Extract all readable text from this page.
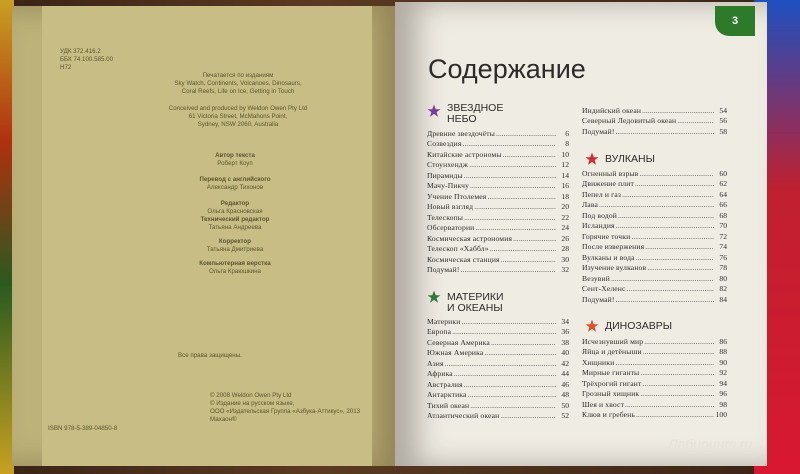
УДК 372.416.2
ББК 74.100.585.00
Н72
Печатается по изданиям
Sky Watch, Continents, Volcanoes, Dinosaurs,
Coral Reefs, Life on Ice, Getting in Touch
Conceived and produced by Weldon Owen Pty Ltd
61 Victoria Street, McMahons Point,
Sydney, NSW 2060, Australia
Автор текста
Роберт Коуп
Перевод с английского
Александр Тихонов
Редактор
Ольга Красновская
Технический редактор
Татьяна Андреева
Корректор
Татьяна Дмитриева
Компьютерная верстка
Ольга Краюшкина
Все права защищены.
© 2008 Weldon Owen Pty Ltd
© Издание на русском языке,
ООО «Издательская Группа «Азбука-Аттикус», 2013
Махаон®
ISBN 978-5-389-04850-8
3
Содержание
ЗВЕЗДНОЕ
НЕБО
Древние звездочёты .....	6
Созвездия .....	8
Китайские астрономы .....	10
Стоунхендж .....	12
Пирамиды .....	14
Мачу-Пикчу .....	16
Учение Птолемея .....	18
Новый взгляд .....	20
Телескопы .....	22
Обсерватории .....	24
Космическая астрономия .....	26
Телескоп «Хаббл» .....	28
Космическая станция .....	30
Подумай! .....	32
МАТЕРИКИ
И ОКЕАНЫ
Материки .....	34
Европа .....	36
Северная Америка .....	38
Южная Америка .....	40
Азия .....	42
Африка .....	44
Австралия .....	46
Антарктика .....	48
Тихий океан .....	50
Атлантический океан .....	52
Индийский океан .....	54
Северный Ледовитый океан .....	56
Подумай! .....	58
ВУЛКАНЫ
Огненный взрыв .....	60
Движение плит .....	62
Пепел и газ .....	64
Лава .....	66
Под водой .....	68
Исландия .....	70
Горячие точки .....	72
После извержения .....	74
Вулканы и вода .....	76
Изучение вулканов .....	78
Везувий .....	80
Сент-Хеленс .....	82
Подумай! .....	84
ДИНОЗАВРЫ
Исчезнувший мир .....	86
Яйца и детёныши .....	88
Хищники .....	90
Мирные гиганты .....	92
Трёхрогий гигант .....	94
Грозный хищник .....	96
Шея и хвост .....	98
Клюв и гребень .....	100
Лабиринт.ru
